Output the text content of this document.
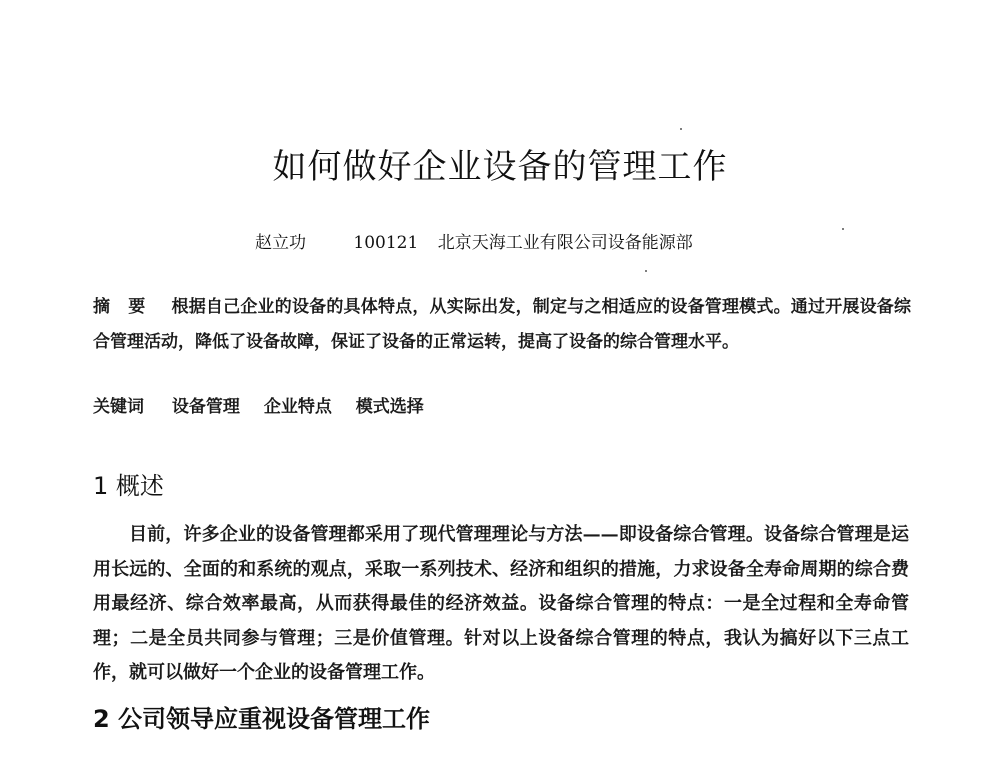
如何做好企业设备的管理工作
赵立功	100121 北京天海工业有限公司设备能源部
摘要 根据自己企业的设备的具体特点，从实际出发，制定与之相适应的设备管理模式。通过开展设备综合管理活动，降低了设备故障，保证了设备的正常运转，提高了设备的综合管理水平。
关键词 设备管理 企业特点 模式选择
1 概述

目前，许多企业的设备管理都采用了现代管理理论与方法——即设备综合管理。设备综合管理是运用长远的、全面的和系统的观点，采取一系列技术、经济和组织的措施，力求设备全寿命周期的综合费用最经济、综合效率最高，从而获得最佳的经济效益。设备综合管理的特点：一是全过程和全寿命管理；二是全员共同参与管理；三是价值管理。针对以上设备综合管理的特点，我认为搞好以下三点工作，就可以做好一个企业的设备管理工作。

2 公司领导应重视设备管理工作
